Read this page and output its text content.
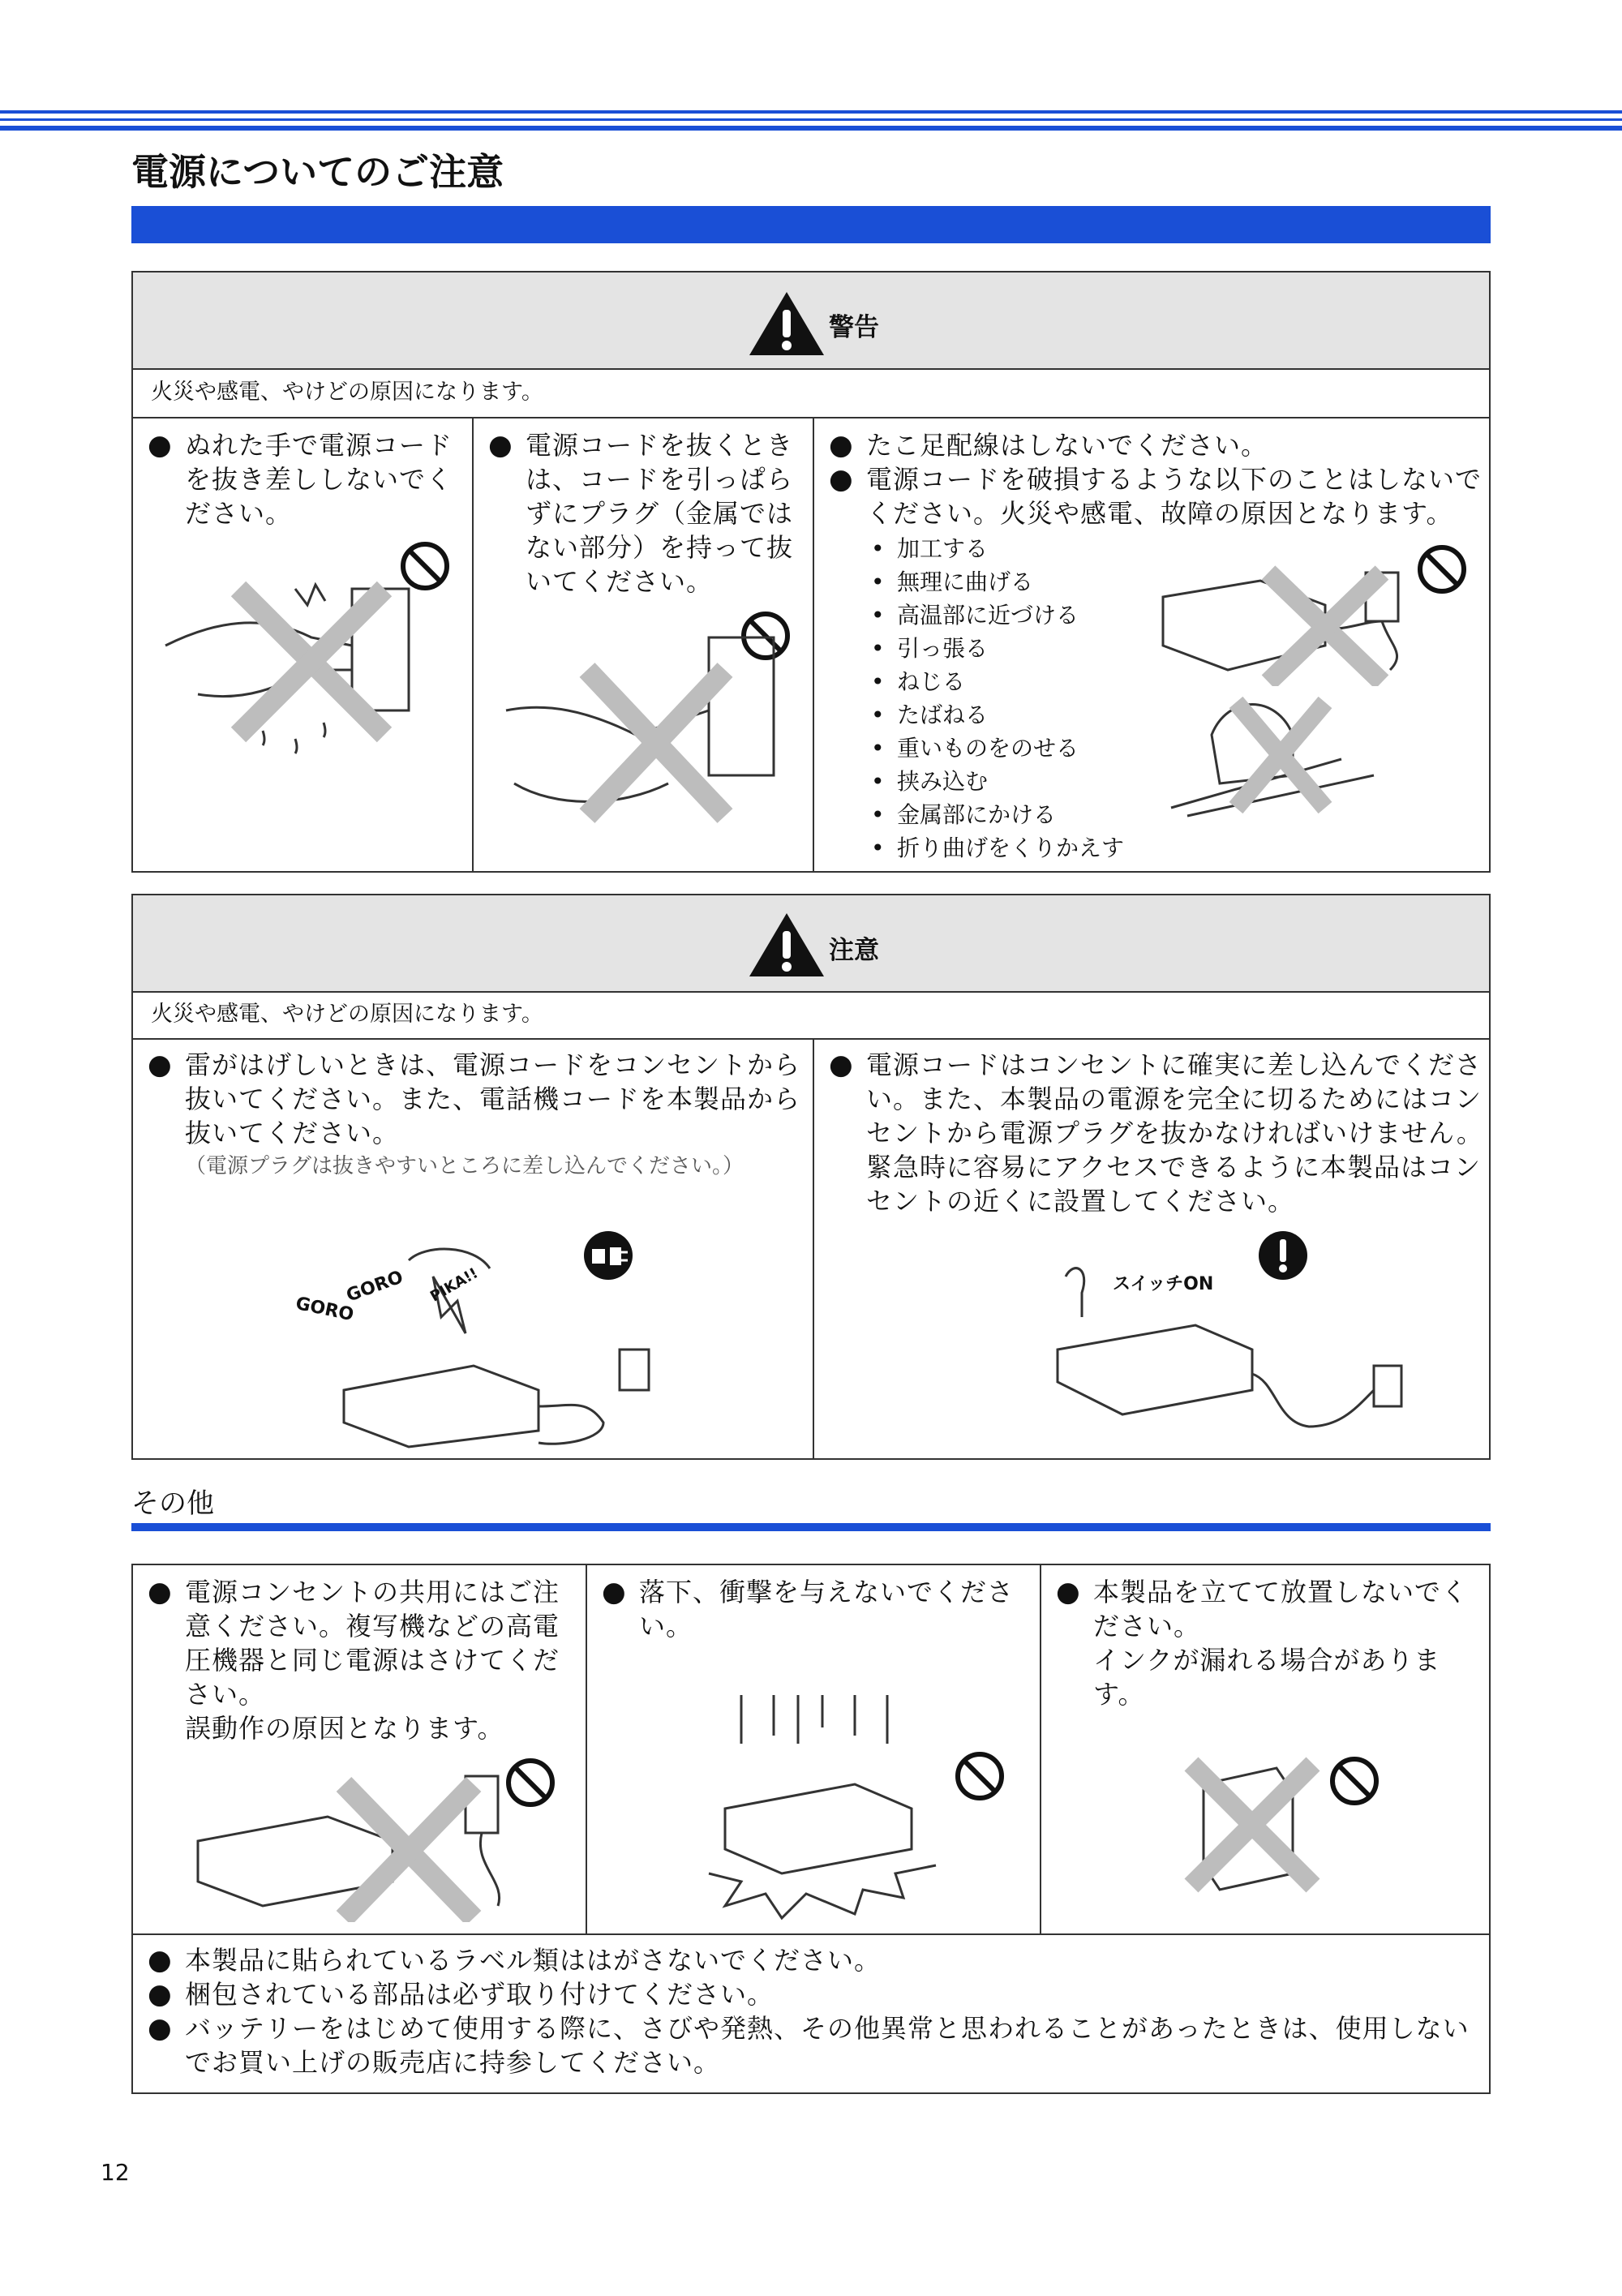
電源についてのご注意
警告
火災や感電、やけどの原因になります。
● ぬれた手で電源コードを抜き差ししないでください。
● 電源コードを抜くときは、コードを引っぱらずにプラグ（金属ではない部分）を持って抜いてください。
● たこ足配線はしないでください。
● 電源コードを破損するような以下のことはしないでください。火災や感電、故障の原因となります。
• 加工する
• 無理に曲げる
• 高温部に近づける
• 引っ張る
• ねじる
• たばねる
• 重いものをのせる
• 挟み込む
• 金属部にかける
• 折り曲げをくりかえす
注意
火災や感電、やけどの原因になります。
● 雷がはげしいときは、電源コードをコンセントから抜いてください。また、電話機コードを本製品から抜いてください。
（電源プラグは抜きやすいところに差し込んでください。）
GORO
GORO
PIKA!!
● 電源コードはコンセントに確実に差し込んでください。また、本製品の電源を完全に切るためにはコンセントから電源プラグを抜かなければいけません。緊急時に容易にアクセスできるように本製品はコンセントの近くに設置してください。
スイッチON
その他
● 電源コンセントの共用にはご注意ください。複写機などの高電圧機器と同じ電源はさけてください。
誤動作の原因となります。
● 落下、衝撃を与えないでください。
● 本製品を立てて放置しないでください。
インクが漏れる場合があります。
● 本製品に貼られているラベル類ははがさないでください。
● 梱包されている部品は必ず取り付けてください。
● バッテリーをはじめて使用する際に、さびや発熱、その他異常と思われることがあったときは、使用しないでお買い上げの販売店に持参してください。
12
